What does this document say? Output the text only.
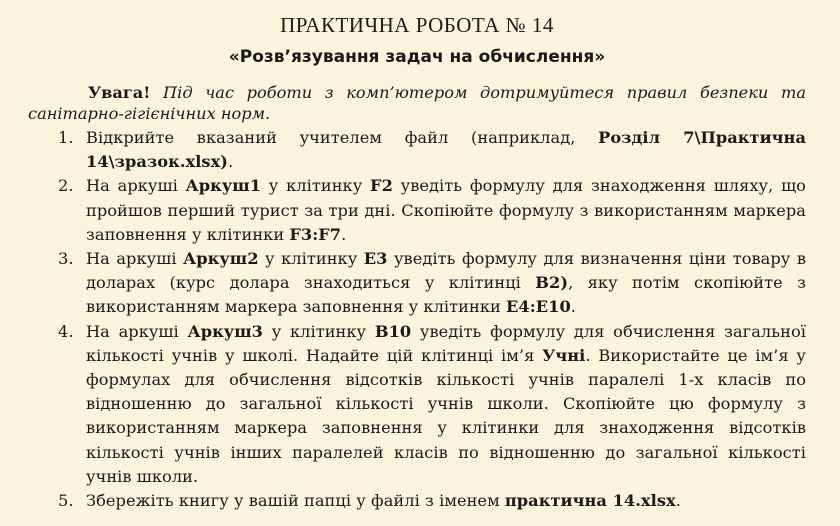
ПРАКТИЧНА РОБОТА № 14
«Розв’язування задач на обчислення»

Увага! Під час роботи з комп’ютером дотримуйтеся правил безпеки та санітарно-гігієнічних норм.

1. Відкрийте вказаний учителем файл (наприклад, Розділ 7\Практична 14\зразок.xlsx).
2. На аркуші Аркуш1 у клітинку F2 уведіть формулу для знаходження шляху, що пройшов перший турист за три дні. Скопіюйте формулу з використанням маркера заповнення у клітинки F3:F7.
3. На аркуші Аркуш2 у клітинку E3 уведіть формулу для визначення ціни товару в доларах (курс долара знаходиться у клітинці B2), яку потім скопіюйте з використанням маркера заповнення у клітинки E4:E10.
4. На аркуші Аркуш3 у клітинку B10 уведіть формулу для обчислення загальної кількості учнів у школі. Надайте цій клітинці ім’я Учні. Використайте це ім’я у формулах для обчислення відсотків кількості учнів паралелі 1-х класів по відношенню до загальної кількості учнів школи. Скопіюйте цю формулу з використанням маркера заповнення у клітинки для знаходження відсотків кількості учнів інших паралелей класів по відношенню до загальної кількості учнів школи.
5. Збережіть книгу у вашій папці у файлі з іменем практична 14.xlsx.
